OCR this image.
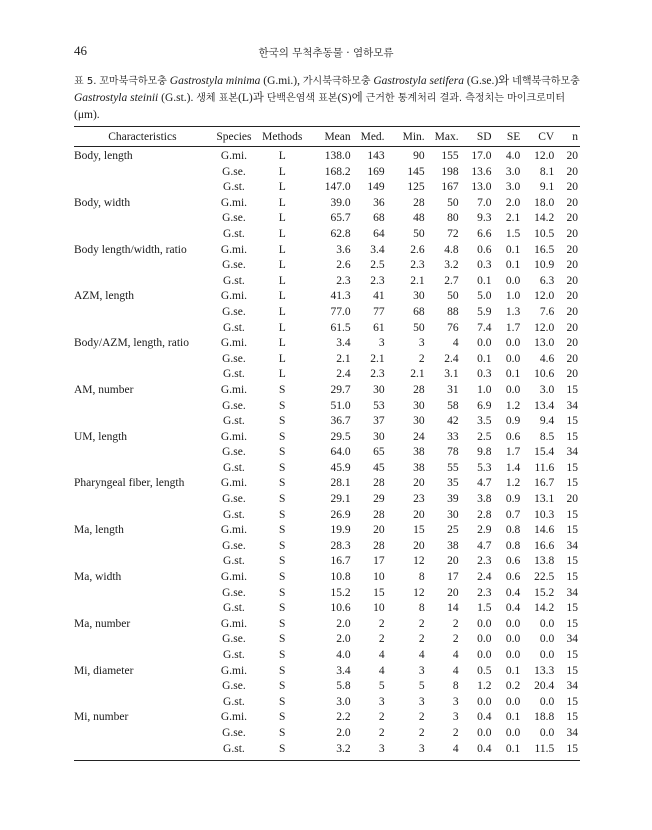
46	한국의 무척추동물 · 염하모류
표 5. 꼬마북극하모충 Gastrostyla minima (G.mi.), 가시북극하모충 Gastrostyla setifera (G.se.)와 네핵북극하모충 Gastrostyla steinii (G.st.). 생체 표본(L)과 단백은염색 표본(S)에 근거한 통계처리 결과. 측정치는 마이크로미터 (μm).
Characteristics	Species	Methods	Mean	Med.	Min.	Max.	SD	SE	CV	n
Body, length	G.mi.	L	138.0	143	90	155	17.0	4.0	12.0	20
	G.se.	L	168.2	169	145	198	13.6	3.0	8.1	20
	G.st.	L	147.0	149	125	167	13.0	3.0	9.1	20
Body, width	G.mi.	L	39.0	36	28	50	7.0	2.0	18.0	20
	G.se.	L	65.7	68	48	80	9.3	2.1	14.2	20
	G.st.	L	62.8	64	50	72	6.6	1.5	10.5	20
Body length/width, ratio	G.mi.	L	3.6	3.4	2.6	4.8	0.6	0.1	16.5	20
	G.se.	L	2.6	2.5	2.3	3.2	0.3	0.1	10.9	20
	G.st.	L	2.3	2.3	2.1	2.7	0.1	0.0	6.3	20
AZM, length	G.mi.	L	41.3	41	30	50	5.0	1.0	12.0	20
	G.se.	L	77.0	77	68	88	5.9	1.3	7.6	20
	G.st.	L	61.5	61	50	76	7.4	1.7	12.0	20
Body/AZM, length, ratio	G.mi.	L	3.4	3	3	4	0.0	0.0	13.0	20
	G.se.	L	2.1	2.1	2	2.4	0.1	0.0	4.6	20
	G.st.	L	2.4	2.3	2.1	3.1	0.3	0.1	10.6	20
AM, number	G.mi.	S	29.7	30	28	31	1.0	0.0	3.0	15
	G.se.	S	51.0	53	30	58	6.9	1.2	13.4	34
	G.st.	S	36.7	37	30	42	3.5	0.9	9.4	15
UM, length	G.mi.	S	29.5	30	24	33	2.5	0.6	8.5	15
	G.se.	S	64.0	65	38	78	9.8	1.7	15.4	34
	G.st.	S	45.9	45	38	55	5.3	1.4	11.6	15
Pharyngeal fiber, length	G.mi.	S	28.1	28	20	35	4.7	1.2	16.7	15
	G.se.	S	29.1	29	23	39	3.8	0.9	13.1	20
	G.st.	S	26.9	28	20	30	2.8	0.7	10.3	15
Ma, length	G.mi.	S	19.9	20	15	25	2.9	0.8	14.6	15
	G.se.	S	28.3	28	20	38	4.7	0.8	16.6	34
	G.st.	S	16.7	17	12	20	2.3	0.6	13.8	15
Ma, width	G.mi.	S	10.8	10	8	17	2.4	0.6	22.5	15
	G.se.	S	15.2	15	12	20	2.3	0.4	15.2	34
	G.st.	S	10.6	10	8	14	1.5	0.4	14.2	15
Ma, number	G.mi.	S	2.0	2	2	2	0.0	0.0	0.0	15
	G.se.	S	2.0	2	2	2	0.0	0.0	0.0	34
	G.st.	S	4.0	4	4	4	0.0	0.0	0.0	15
Mi, diameter	G.mi.	S	3.4	4	3	4	0.5	0.1	13.3	15
	G.se.	S	5.8	5	5	8	1.2	0.2	20.4	34
	G.st.	S	3.0	3	3	3	0.0	0.0	0.0	15
Mi, number	G.mi.	S	2.2	2	2	3	0.4	0.1	18.8	15
	G.se.	S	2.0	2	2	2	0.0	0.0	0.0	34
	G.st.	S	3.2	3	3	4	0.4	0.1	11.5	15
